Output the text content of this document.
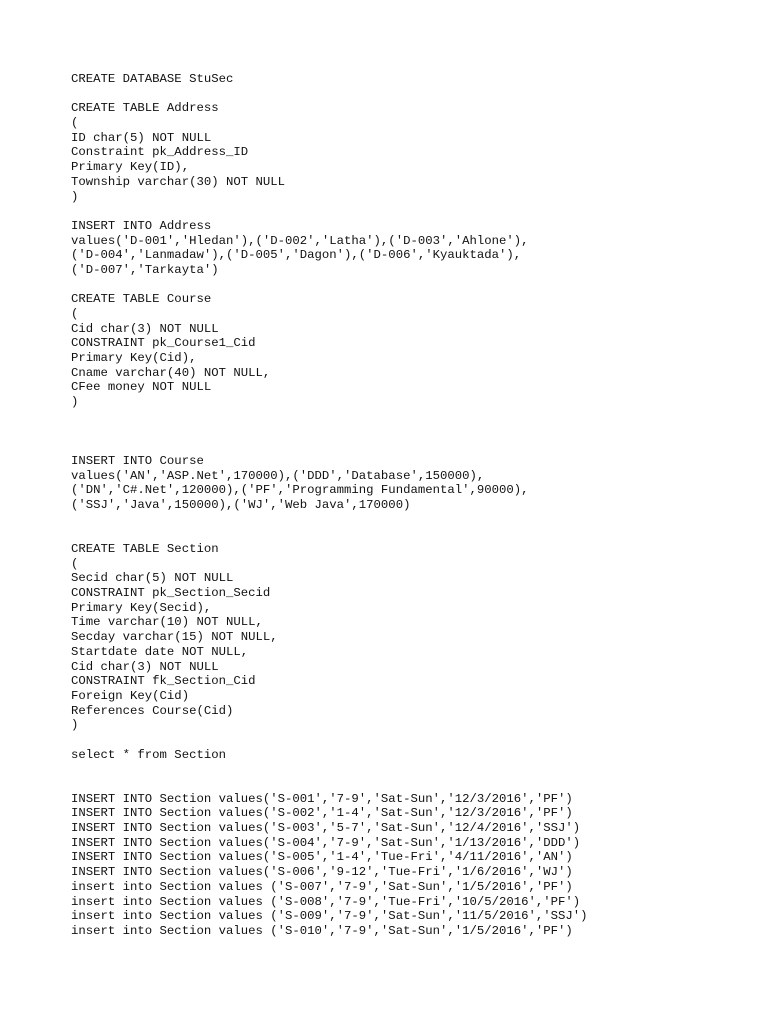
CREATE DATABASE StuSec
CREATE TABLE Address
(
ID char(5) NOT NULL
Constraint pk_Address_ID
Primary Key(ID),
Township varchar(30) NOT NULL
)
INSERT INTO Address
values('D-001','Hledan'),('D-002','Latha'),('D-003','Ahlone'),
('D-004','Lanmadaw'),('D-005','Dagon'),('D-006','Kyauktada'),
('D-007','Tarkayta')
CREATE TABLE Course
(
Cid char(3) NOT NULL
CONSTRAINT pk_Course1_Cid
Primary Key(Cid),
Cname varchar(40) NOT NULL,
CFee money NOT NULL
)
INSERT INTO Course
values('AN','ASP.Net',170000),('DDD','Database',150000),
('DN','C#.Net',120000),('PF','Programming Fundamental',90000),
('SSJ','Java',150000),('WJ','Web Java',170000)
CREATE TABLE Section
(
Secid char(5) NOT NULL
CONSTRAINT pk_Section_Secid
Primary Key(Secid),
Time varchar(10) NOT NULL,
Secday varchar(15) NOT NULL,
Startdate date NOT NULL,
Cid char(3) NOT NULL
CONSTRAINT fk_Section_Cid
Foreign Key(Cid)
References Course(Cid)
)
select * from Section
INSERT INTO Section values('S-001','7-9','Sat-Sun','12/3/2016','PF')
INSERT INTO Section values('S-002','1-4','Sat-Sun','12/3/2016','PF')
INSERT INTO Section values('S-003','5-7','Sat-Sun','12/4/2016','SSJ')
INSERT INTO Section values('S-004','7-9','Sat-Sun','1/13/2016','DDD')
INSERT INTO Section values('S-005','1-4','Tue-Fri','4/11/2016','AN')
INSERT INTO Section values('S-006','9-12','Tue-Fri','1/6/2016','WJ')
insert into Section values ('S-007','7-9','Sat-Sun','1/5/2016','PF')
insert into Section values ('S-008','7-9','Tue-Fri','10/5/2016','PF')
insert into Section values ('S-009','7-9','Sat-Sun','11/5/2016','SSJ')
insert into Section values ('S-010','7-9','Sat-Sun','1/5/2016','PF')
